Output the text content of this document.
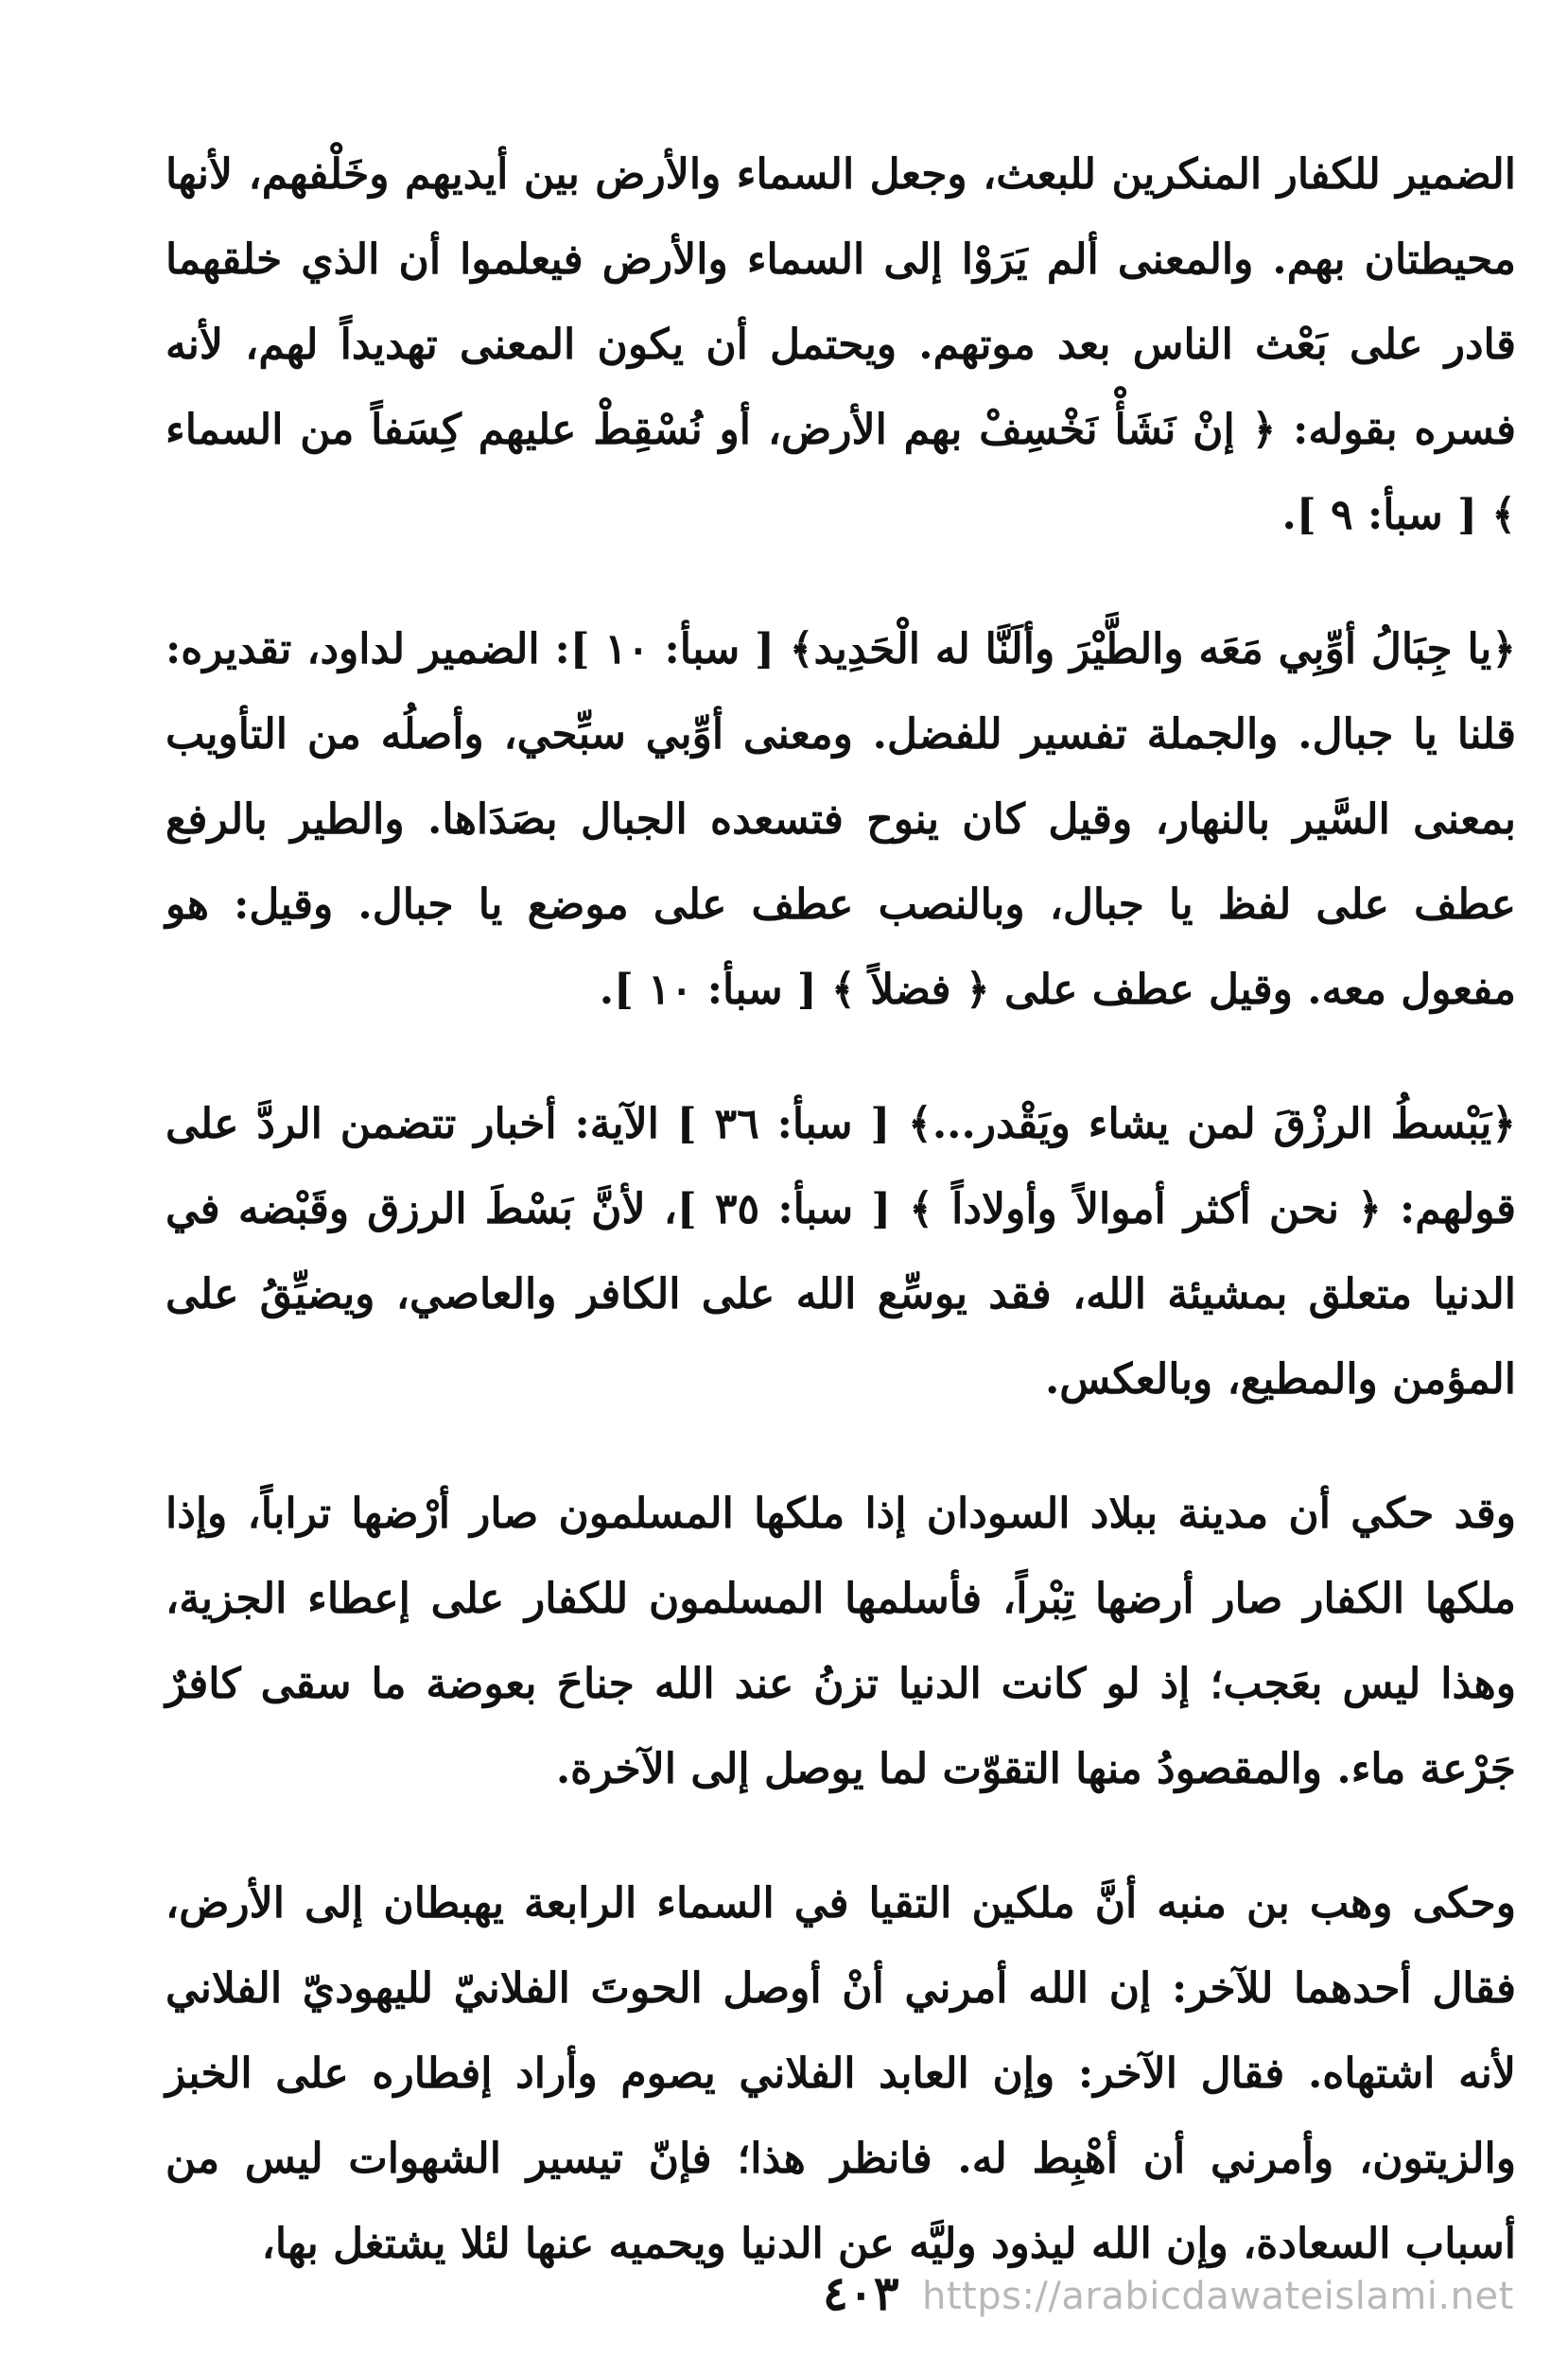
الضمير للكفار المنكرين للبعث، وجعل السماء والأرض بين أيديهم وخَلْفهم، لأنها محيطتان بهم. والمعنى ألم يَرَوْا إلى السماء والأرض فيعلموا أن الذي خلقهما قادر على بَعْث الناس بعد موتهم. ويحتمل أن يكون المعنى تهديداً لهم، لأنه فسره بقوله: ﴿ إنْ نَشَأْ نَخْسِفْ بهم الأرض، أو نُسْقِطْ عليهم كِسَفاً من السماء ﴾ [ سبأ: ٩ ].

﴿يا جِبَالُ أوِّبِي مَعَه والطَّيْرَ وألَنَّا له الْحَدِيد﴾ [ سبأ: ١٠ ]: الضمير لداود، تقديره: قلنا يا جبال. والجملة تفسير للفضل. ومعنى أوِّبي سبِّحي، وأصلُه من التأويب بمعنى السَّير بالنهار، وقيل كان ينوح فتسعده الجبال بصَدَاها. والطير بالرفع عطف على لفظ يا جبال، وبالنصب عطف على موضع يا جبال. وقيل: هو مفعول معه. وقيل عطف على ﴿ فضلاً ﴾ [ سبأ: ١٠ ].

﴿يَبْسطُ الرزْقَ لمن يشاء ويَقْدر...﴾ [ سبأ: ٣٦ ] الآية: أخبار تتضمن الردَّ على قولهم: ﴿ نحن أكثر أموالاً وأولاداً ﴾ [ سبأ: ٣٥ ]، لأنَّ بَسْطَ الرزق وقَبْضه في الدنيا متعلق بمشيئة الله، فقد يوسِّع الله على الكافر والعاصي، ويضيِّقُ على المؤمن والمطيع، وبالعكس.

وقد حكي أن مدينة ببلاد السودان إذا ملكها المسلمون صار أرْضها تراباً، وإذا ملكها الكفار صار أرضها تِبْراً، فأسلمها المسلمون للكفار على إعطاء الجزية، وهذا ليس بعَجب؛ إذ لو كانت الدنيا تزنُ عند الله جناحَ بعوضة ما سقى كافرٌ جَرْعة ماء. والمقصودُ منها التقوّت لما يوصل إلى الآخرة.

وحكى وهب بن منبه أنَّ ملكين التقيا في السماء الرابعة يهبطان إلى الأرض، فقال أحدهما للآخر: إن الله أمرني أنْ أوصل الحوتَ الفلانيّ لليهوديّ الفلاني لأنه اشتهاه. فقال الآخر: وإن العابد الفلاني يصوم وأراد إفطاره على الخبز والزيتون، وأمرني أن أهْبِط له. فانظر هذا؛ فإنّ تيسير الشهوات ليس من أسباب السعادة، وإن الله ليذود وليَّه عن الدنيا ويحميه عنها لئلا يشتغل بها،

٤٠٣ https://arabicdawateislami.net
